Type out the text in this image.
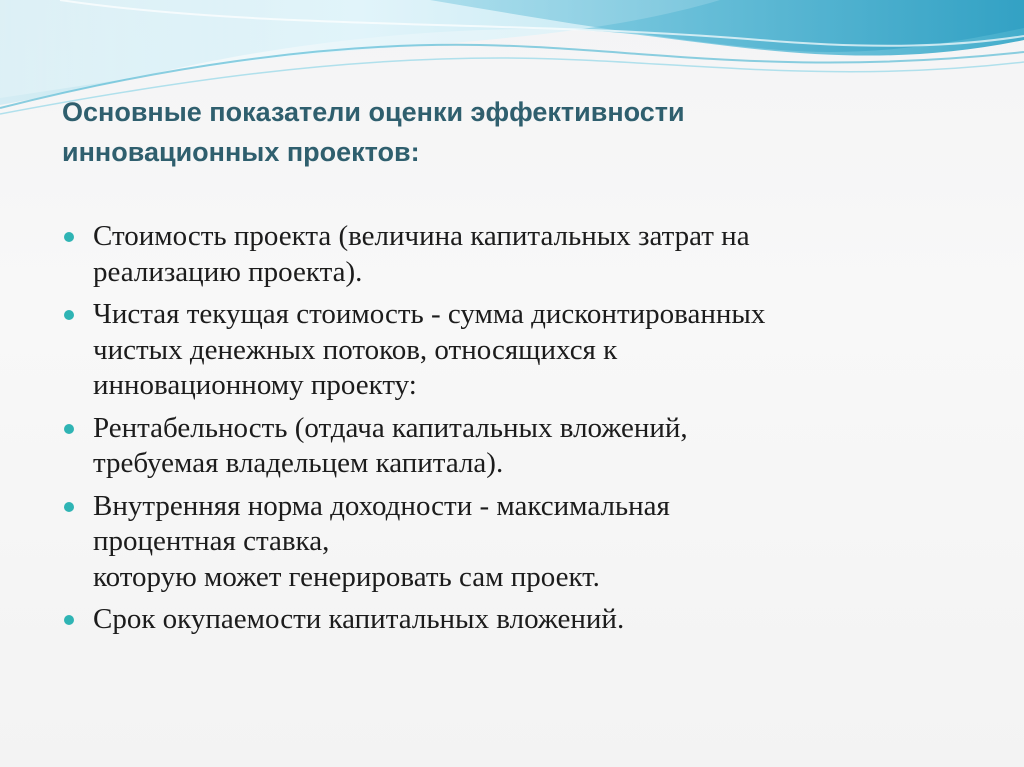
Основные показатели оценки эффективности
инновационных проектов:
Стоимость проекта (величина капитальных затрат на
реализацию проекта).
Чистая текущая стоимость - сумма дисконтированных
чистых денежных потоков, относящихся к
инновационному проекту:
Рентабельность (отдача капитальных вложений,
требуемая владельцем капитала).
Внутренняя норма доходности - максимальная
процентная ставка,
которую может генерировать сам проект.
Срок окупаемости капитальных вложений.
